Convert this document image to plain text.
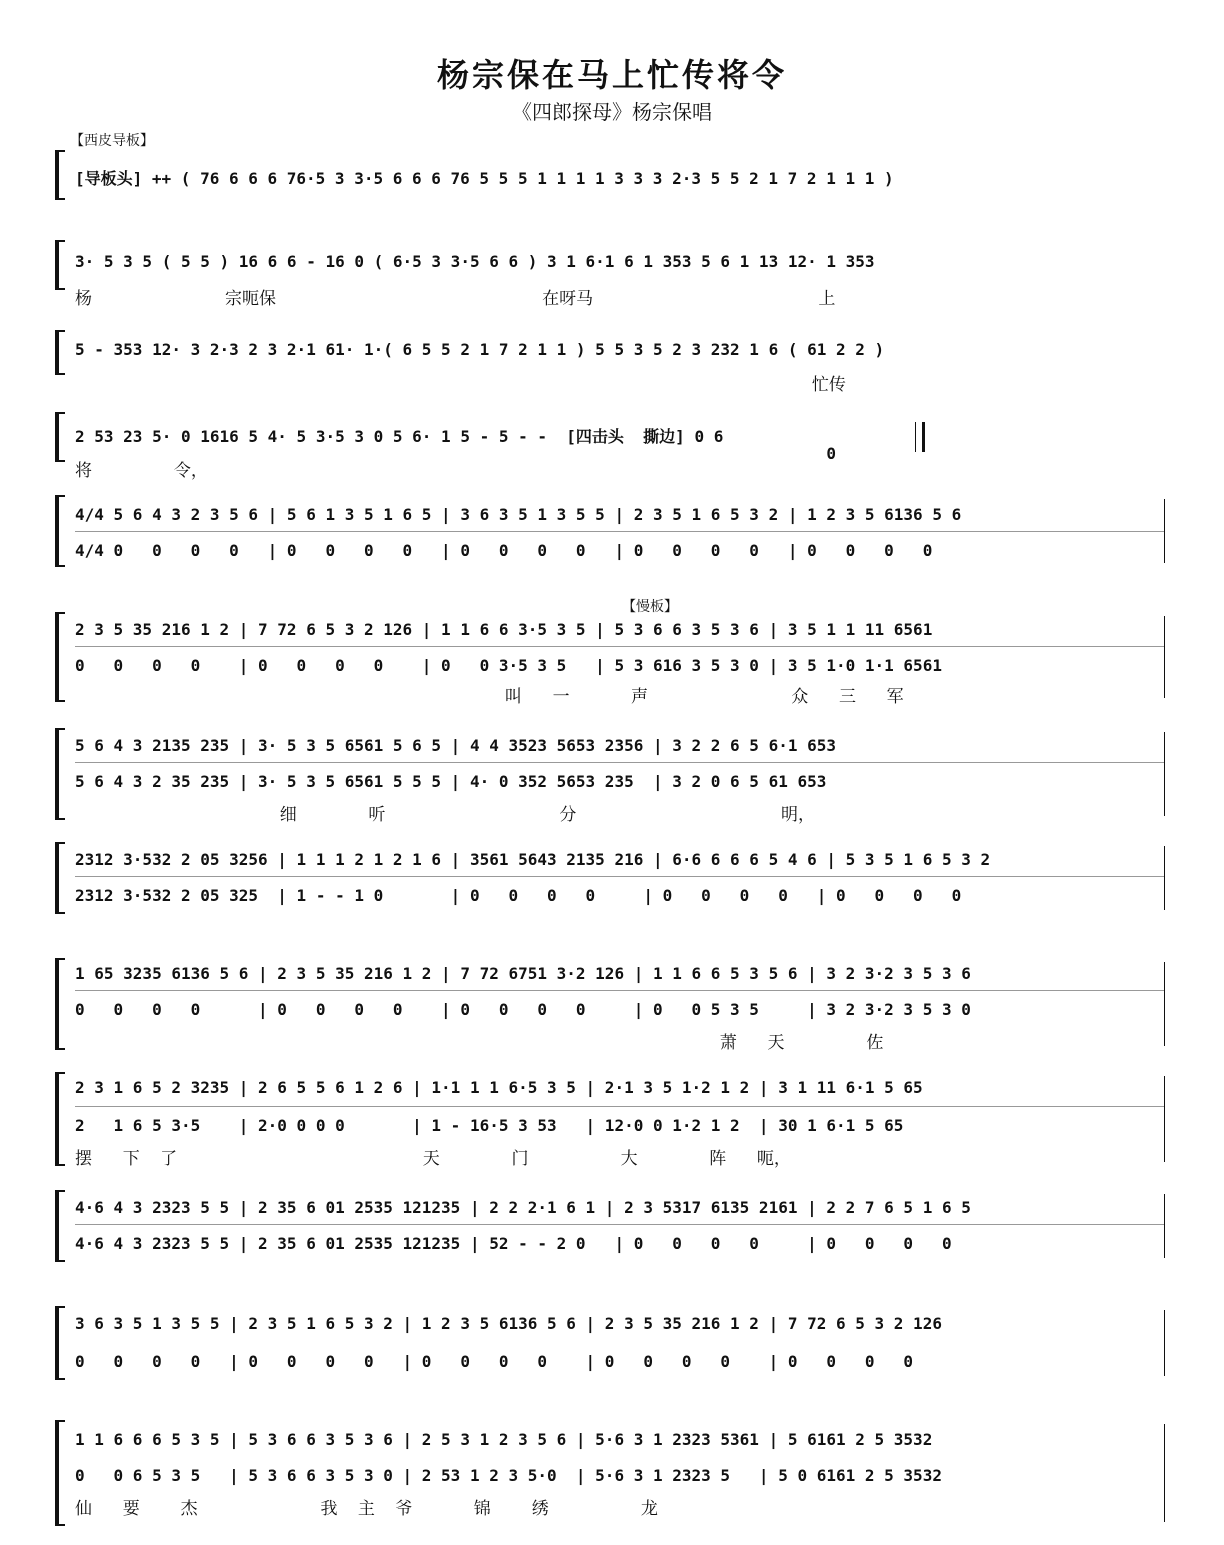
杨宗保在马上忙传将令
《四郎探母》杨宗保唱
【西皮导板】
[导板头] ++ ( 76 6 6 6 76·5 3 3·5 6 6 6 76 5 5 5 1 1 1 1 3 3 3 2·3 5 5 2 1 7 2 1 1 1 )
3· 5 3 5 ( 5 5 ) 16 6 6 - 16 0 ( 6·5 3 3·5 6 6 ) 3 1 6·1 6 1 353 5 6 1 13 12· 1 353
杨             宗呃保                          在呀马                      上
5 - 353 12· 3 2·3 2 3 2·1 61· 1·( 6 5 5 2 1 7 2 1 1 ) 5 5 3 5 2 3 232 1 6 ( 61 2 2 )
忙传
2 53 23 5· 0 1616 5 4· 5 3·5 3 0 5 6· 1 5 - 5 - -  [四击头  撕边] 0 6
0
将        令，
4/4 5 6 4 3 2 3 5 6 | 5 6 1 3 5 1 6 5 | 3 6 3 5 1 3 5 5 | 2 3 5 1 6 5 3 2 | 1 2 3 5 6136 5 6
4/4 0   0   0   0   | 0   0   0   0   | 0   0   0   0   | 0   0   0   0   | 0   0   0   0
【慢板】
2 3 5 35 216 1 2 | 7 72 6 5 3 2 126 | 1 1 6 6 3·5 3 5 | 5 3 6 6 3 5 3 6 | 3 5 1 1 11 6561
0   0   0   0    | 0   0   0   0    | 0   0 3·5 3 5   | 5 3 616 3 5 3 0 | 3 5 1·0 1·1 6561
叫   一      声              众   三   军
5 6 4 3 2135 235 | 3· 5 3 5 6561 5 6 5 | 4 4 3523 5653 2356 | 3 2 2 6 5 6·1 653
5 6 4 3 2 35 235 | 3· 5 3 5 6561 5 5 5 | 4· 0 352 5653 235  | 3 2 0 6 5 61 653
细       听                 分                    明，
2312 3·532 2 05 3256 | 1 1 1 2 1 2 1 6 | 3561 5643 2135 216 | 6·6 6 6 6 5 4 6 | 5 3 5 1 6 5 3 2
2312 3·532 2 05 325  | 1 - - 1 0       | 0   0   0   0     | 0   0   0   0   | 0   0   0   0
1 65 3235 6136 5 6 | 2 3 5 35 216 1 2 | 7 72 6751 3·2 126 | 1 1 6 6 5 3 5 6 | 3 2 3·2 3 5 3 6
0   0   0   0      | 0   0   0   0    | 0   0   0   0     | 0   0 5 3 5     | 3 2 3·2 3 5 3 0
萧   天        佐
2 3 1 6 5 2 3235 | 2 6 5 5 6 1 2 6 | 1·1 1 1 6·5 3 5 | 2·1 3 5 1·2 1 2 | 3 1 11 6·1 5 65
2   1 6 5 3·5    | 2·0 0 0 0       | 1 - 16·5 3 53   | 12·0 0 1·2 1 2  | 30 1 6·1 5 65
摆   下  了                        天       门         大       阵   呃，
4·6 4 3 2323 5 5 | 2 35 6 01 2535 121235 | 2 2 2·1 6 1 | 2 3 5317 6135 2161 | 2 2 7 6 5 1 6 5
4·6 4 3 2323 5 5 | 2 35 6 01 2535 121235 | 52 - - 2 0   | 0   0   0   0     | 0   0   0   0
3 6 3 5 1 3 5 5 | 2 3 5 1 6 5 3 2 | 1 2 3 5 6136 5 6 | 2 3 5 35 216 1 2 | 7 72 6 5 3 2 126
0   0   0   0   | 0   0   0   0   | 0   0   0   0    | 0   0   0   0    | 0   0   0   0
1 1 6 6 6 5 3 5 | 5 3 6 6 3 5 3 6 | 2 5 3 1 2 3 5 6 | 5·6 3 1 2323 5361 | 5 6161 2 5 3532
0   0 6 5 3 5   | 5 3 6 6 3 5 3 0 | 2 53 1 2 3 5·0  | 5·6 3 1 2323 5   | 5 0 6161 2 5 3532
仙   要    杰            我  主  爷      锦    绣         龙
